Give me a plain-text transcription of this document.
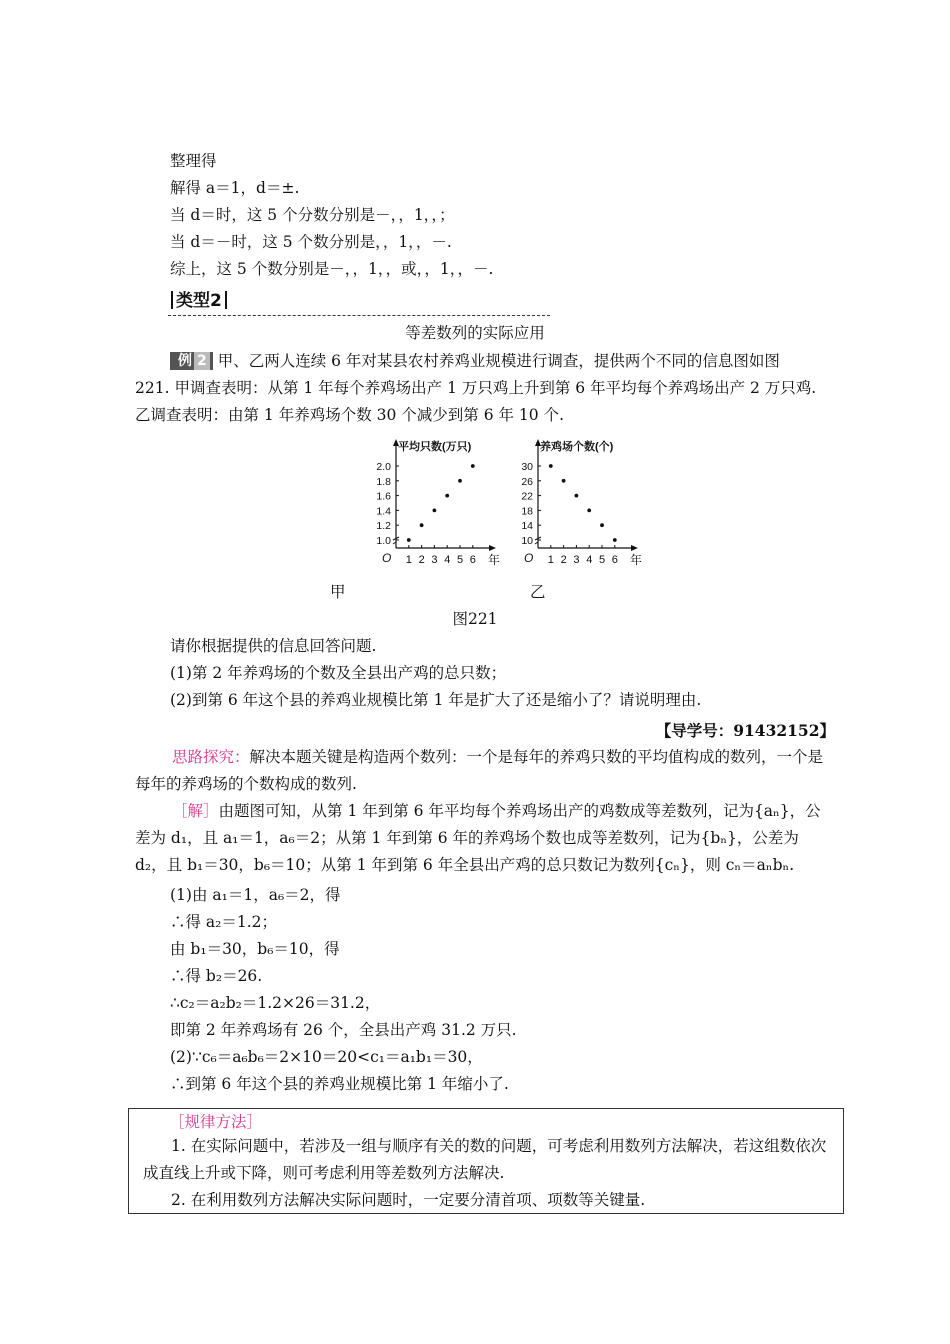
整理得
解得 a＝1，d＝±.
当 d＝时，这 5 个分数分别是－，，1，，；
当 d＝－时，这 5 个数分别是，，1，，－.
综上，这 5 个数分别是－，，1，，或，，1，，－.
类型2
等差数列的实际应用
例 2 甲、乙两人连续 6 年对某县农村养鸡业规模进行调查，提供两个不同的信息图如图
221. 甲调查表明：从第 1 年每个养鸡场出产 1 万只鸡上升到第 6 年平均每个养鸡场出产 2 万只鸡.
乙调查表明：由第 1 年养鸡场个数 30 个减少到第 6 年 10 个.
平均只数(万只)
年
O 1 2 3 4 5 6
1.0
1.2
1.4
1.6
1.8
2.0
养鸡场个数(个)
年
O 1 2 3 4 5 6
10
14
18
22
26
30
甲	乙
图221
请你根据提供的信息回答问题.
(1)第 2 年养鸡场的个数及全县出产鸡的总只数；
(2)到第 6 年这个县的养鸡业规模比第 1 年是扩大了还是缩小了？请说明理由.
【导学号：91432152】
思路探究：解决本题关键是构造两个数列：一个是每年的养鸡只数的平均值构成的数列，一个是每年的养鸡场的个数构成的数列.
［解］由题图可知，从第 1 年到第 6 年平均每个养鸡场出产的鸡数成等差数列，记为{aₙ}，公差为 d₁，且 a₁＝1，a₆＝2；从第 1 年到第 6 年的养鸡场个数也成等差数列，记为{bₙ}，公差为 d₂，且 b₁＝30，b₆＝10；从第 1 年到第 6 年全县出产鸡的总只数记为数列{cₙ}，则 cₙ＝aₙbₙ.
(1)由 a₁＝1，a₆＝2，得
∴得 a₂＝1.2；
由 b₁＝30，b₆＝10，得
∴得 b₂＝26.
∴c₂＝a₂b₂＝1.2×26＝31.2，
即第 2 年养鸡场有 26 个，全县出产鸡 31.2 万只.
(2)∵c₆＝a₆b₆＝2×10＝20<c₁＝a₁b₁＝30，
∴到第 6 年这个县的养鸡业规模比第 1 年缩小了.
［规律方法］
1. 在实际问题中，若涉及一组与顺序有关的数的问题，可考虑利用数列方法解决，若这组数依次成直线上升或下降，则可考虑利用等差数列方法解决.
2. 在利用数列方法解决实际问题时，一定要分清首项、项数等关键量.
